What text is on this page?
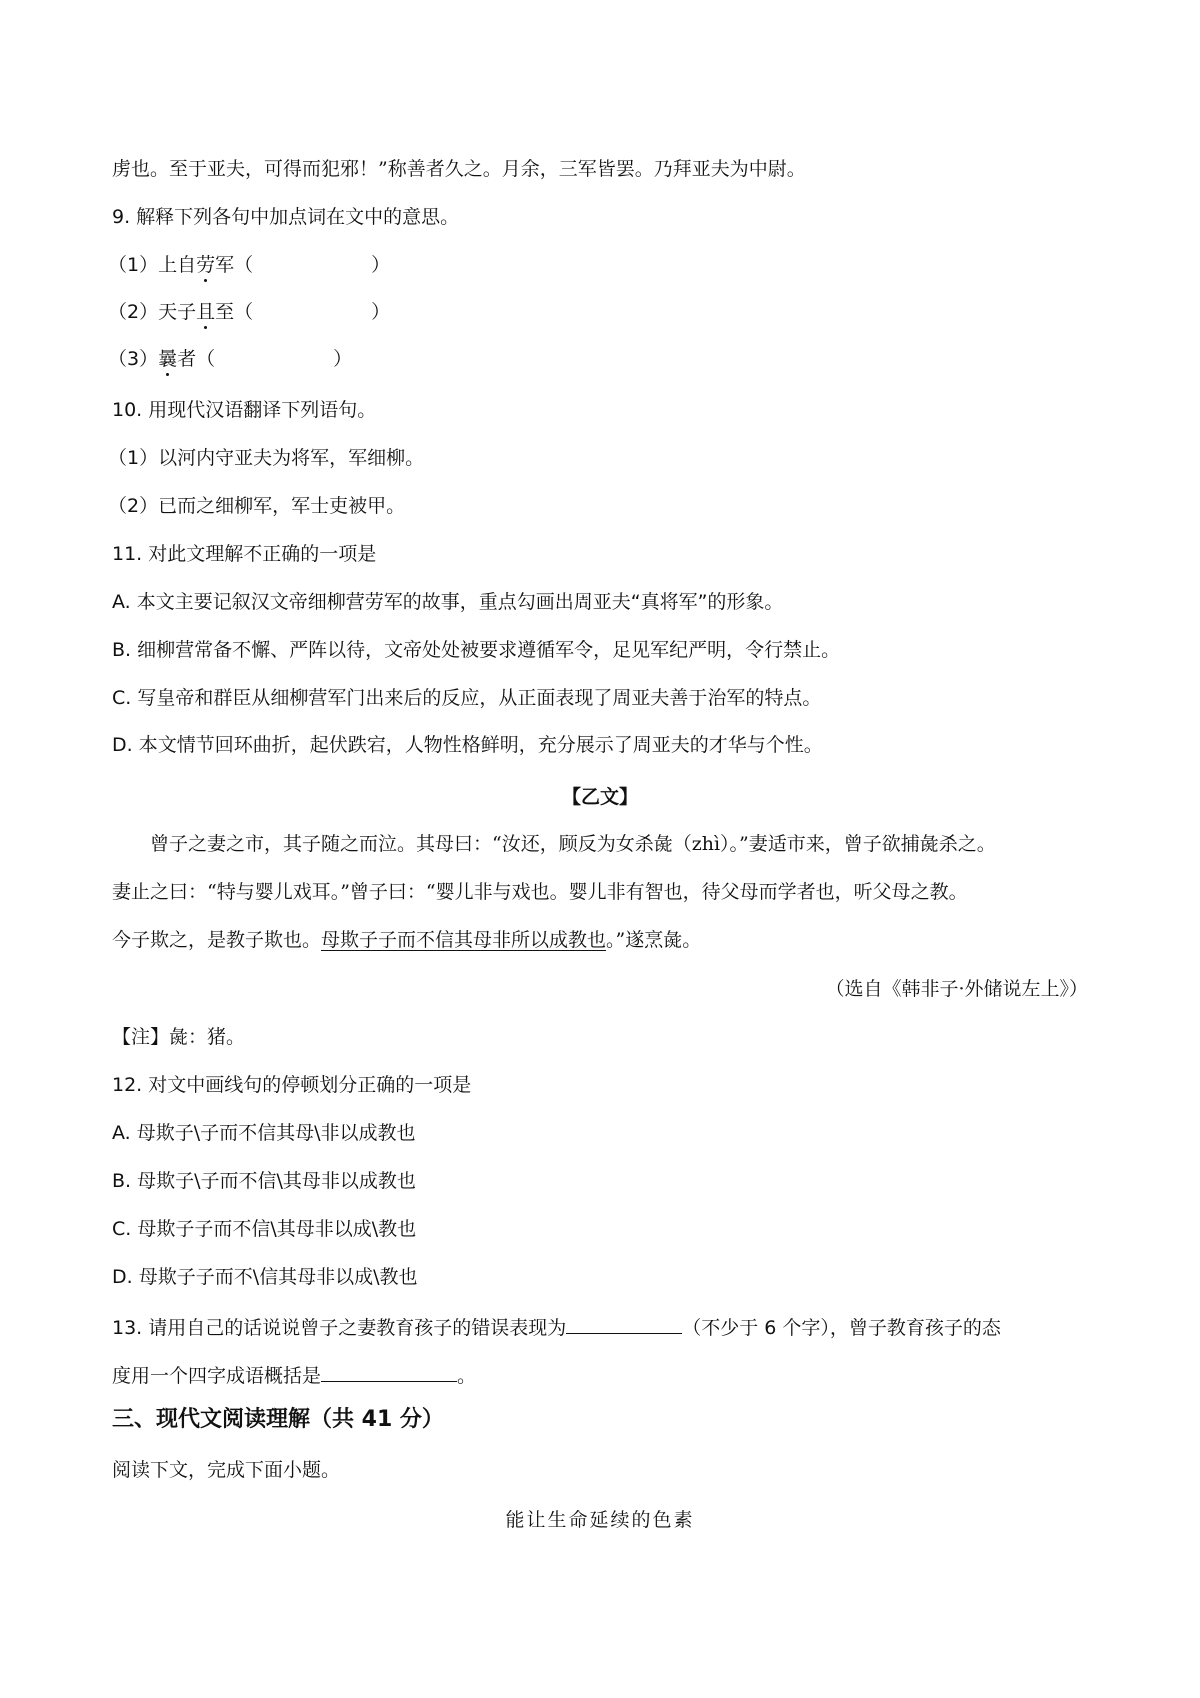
虏也。至于亚夫，可得而犯邪！”称善者久之。月余，三军皆罢。乃拜亚夫为中尉。
9. 解释下列各句中加点词在文中的意思。
（1）上自劳军（	）
（2）天子且至（	）
（3）曩者（	）
10. 用现代汉语翻译下列语句。
（1）以河内守亚夫为将军，军细柳。
（2）已而之细柳军，军士吏被甲。
11. 对此文理解不正确的一项是
A. 本文主要记叙汉文帝细柳营劳军的故事，重点勾画出周亚夫“真将军”的形象。
B. 细柳营常备不懈、严阵以待，文帝处处被要求遵循军令，足见军纪严明，令行禁止。
C. 写皇帝和群臣从细柳营军门出来后的反应，从正面表现了周亚夫善于治军的特点。
D. 本文情节回环曲折，起伏跌宕，人物性格鲜明，充分展示了周亚夫的才华与个性。
【乙文】
曾子之妻之市，其子随之而泣。其母曰：“汝还，顾反为女杀彘（zhì）。”妻适市来，曾子欲捕彘杀之。
妻止之曰：“特与婴儿戏耳。”曾子曰：“婴儿非与戏也。婴儿非有智也，待父母而学者也，听父母之教。
今子欺之，是教子欺也。母欺子子而不信其母非所以成教也。”遂烹彘。
（选自《韩非子·外储说左上》）
【注】彘：猪。
12. 对文中画线句的停顿划分正确的一项是
A. 母欺子\子而不信其母\非以成教也
B. 母欺子\子而不信\其母非以成教也
C. 母欺子子而不信\其母非以成\教也
D. 母欺子子而不\信其母非以成\教也
13. 请用自己的话说说曾子之妻教育孩子的错误表现为	（不少于 6 个字），曾子教育孩子的态
度用一个四字成语概括是	。
三、现代文阅读理解（共 41 分）
阅读下文，完成下面小题。
能让生命延续的色素
